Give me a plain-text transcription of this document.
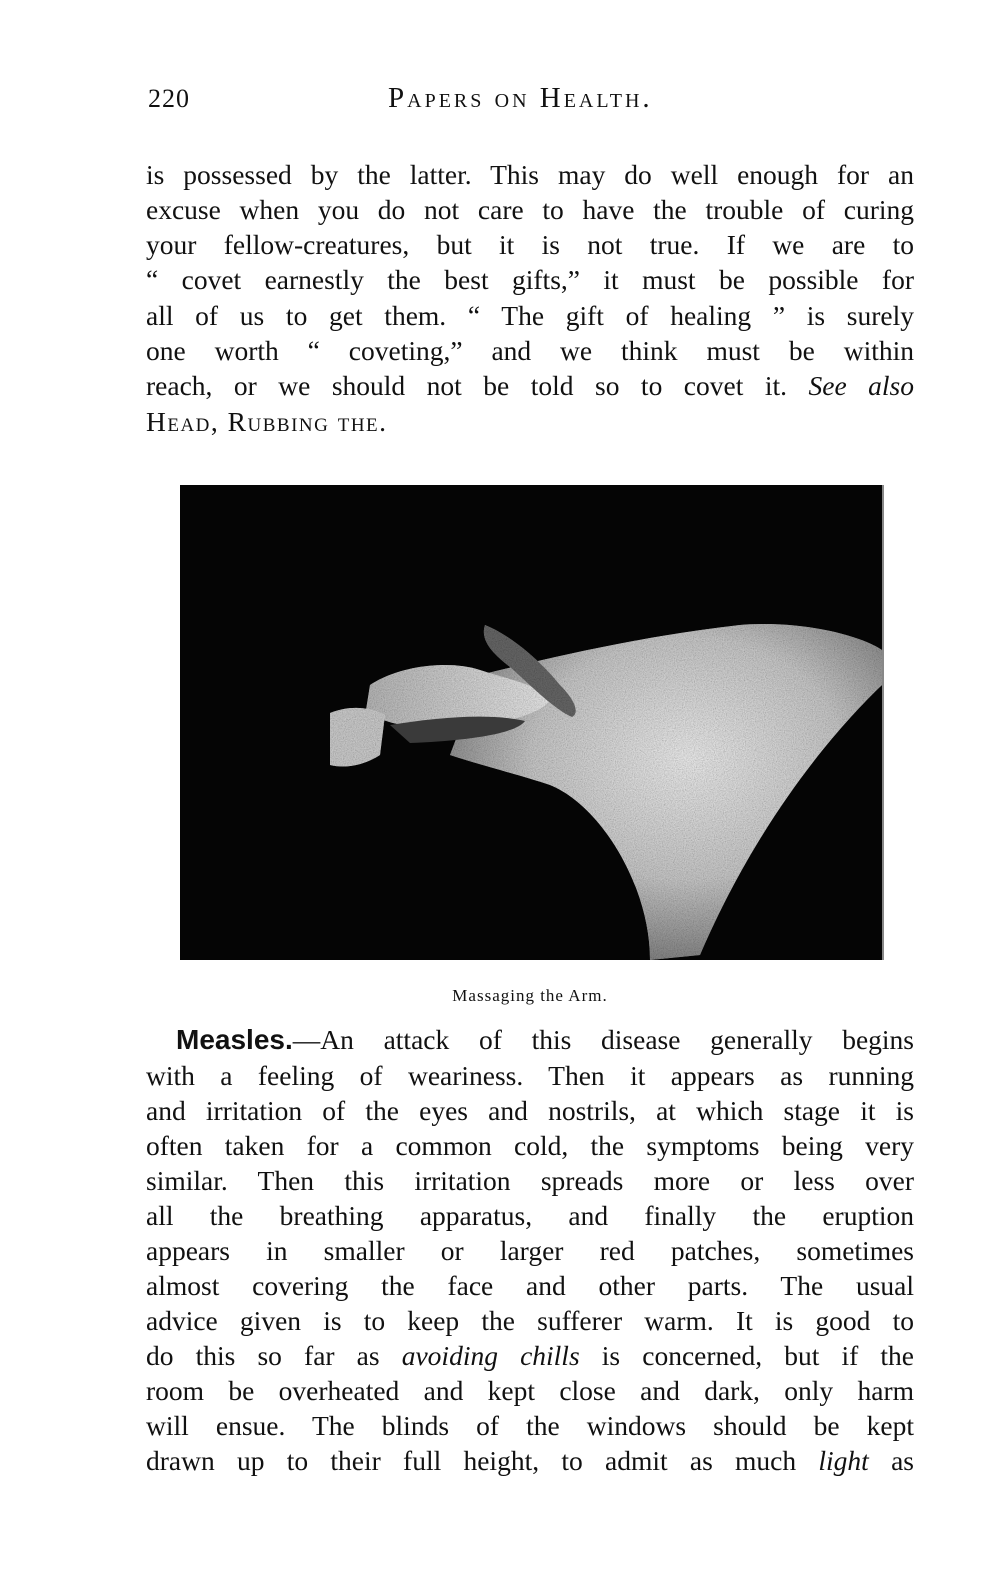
220	Papers on Health.
is possessed by the latter. This may do well enough for an
excuse when you do not care to have the trouble of curing
your fellow-creatures, but it is not true. If we are to
“ covet earnestly the best gifts,” it must be possible for
all of us to get them. “ The gift of healing ” is surely
one worth “ coveting,” and we think must be within
reach, or we should not be told so to covet it. See also
Head, Rubbing the.
Massaging the Arm.
Measles.—An attack of this disease generally begins
with a feeling of weariness. Then it appears as running
and irritation of the eyes and nostrils, at which stage it is
often taken for a common cold, the symptoms being very
similar. Then this irritation spreads more or less over
all the breathing apparatus, and finally the eruption
appears in smaller or larger red patches, sometimes
almost covering the face and other parts. The usual
advice given is to keep the sufferer warm. It is good to
do this so far as avoiding chills is concerned, but if the
room be overheated and kept close and dark, only harm
will ensue. The blinds of the windows should be kept
drawn up to their full height, to admit as much light as
